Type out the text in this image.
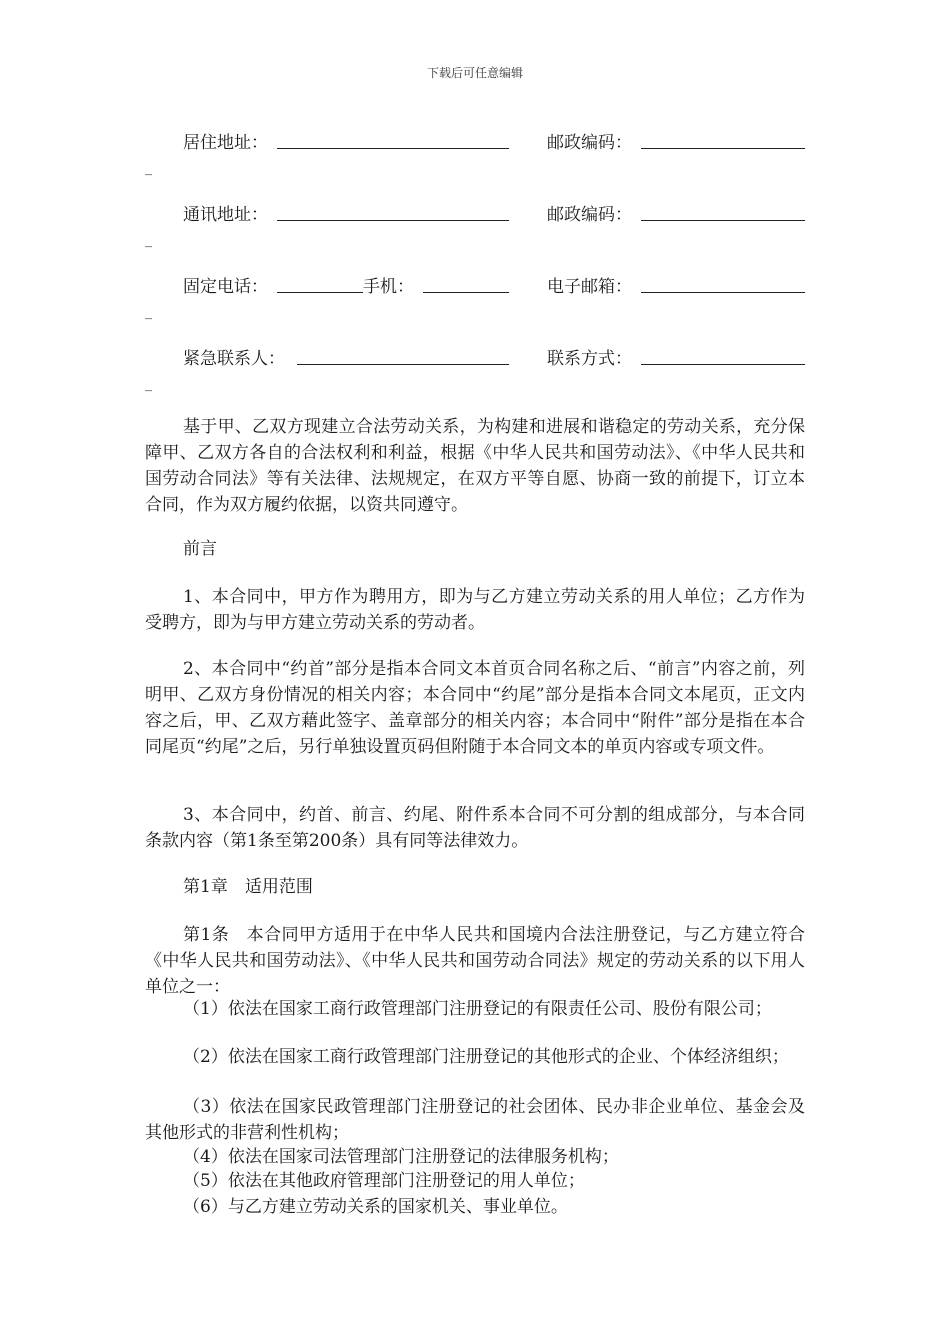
下载后可任意编辑
居住地址：	邮政编码：
_
通讯地址：	邮政编码：
_
固定电话：	手机：	电子邮箱：
_
紧急联系人：	联系方式：
_

基于甲、乙双方现建立合法劳动关系，为构建和进展和谐稳定的劳动关系，充分保障甲、乙双方各自的合法权利和利益，根据《中华人民共和国劳动法》、《中华人民共和国劳动合同法》等有关法律、法规规定，在双方平等自愿、协商一致的前提下，订立本合同，作为双方履约依据，以资共同遵守。

前言

1、本合同中，甲方作为聘用方，即为与乙方建立劳动关系的用人单位；乙方作为受聘方，即为与甲方建立劳动关系的劳动者。

2、本合同中“约首”部分是指本合同文本首页合同名称之后、“前言”内容之前，列明甲、乙双方身份情况的相关内容；本合同中“约尾”部分是指本合同文本尾页，正文内容之后，甲、乙双方藉此签字、盖章部分的相关内容；本合同中“附件”部分是指在本合同尾页“约尾”之后，另行单独设置页码但附随于本合同文本的单页内容或专项文件。

3、本合同中，约首、前言、约尾、附件系本合同不可分割的组成部分，与本合同条款内容（第1条至第200条）具有同等法律效力。

第1章　适用范围

第1条　本合同甲方适用于在中华人民共和国境内合法注册登记，与乙方建立符合《中华人民共和国劳动法》、《中华人民共和国劳动合同法》规定的劳动关系的以下用人单位之一：

（1）依法在国家工商行政管理部门注册登记的有限责任公司、股份有限公司；

（2）依法在国家工商行政管理部门注册登记的其他形式的企业、个体经济组织；

（3）依法在国家民政管理部门注册登记的社会团体、民办非企业单位、基金会及其他形式的非营利性机构；

（4）依法在国家司法管理部门注册登记的法律服务机构；

（5）依法在其他政府管理部门注册登记的用人单位；

（6）与乙方建立劳动关系的国家机关、事业单位。
